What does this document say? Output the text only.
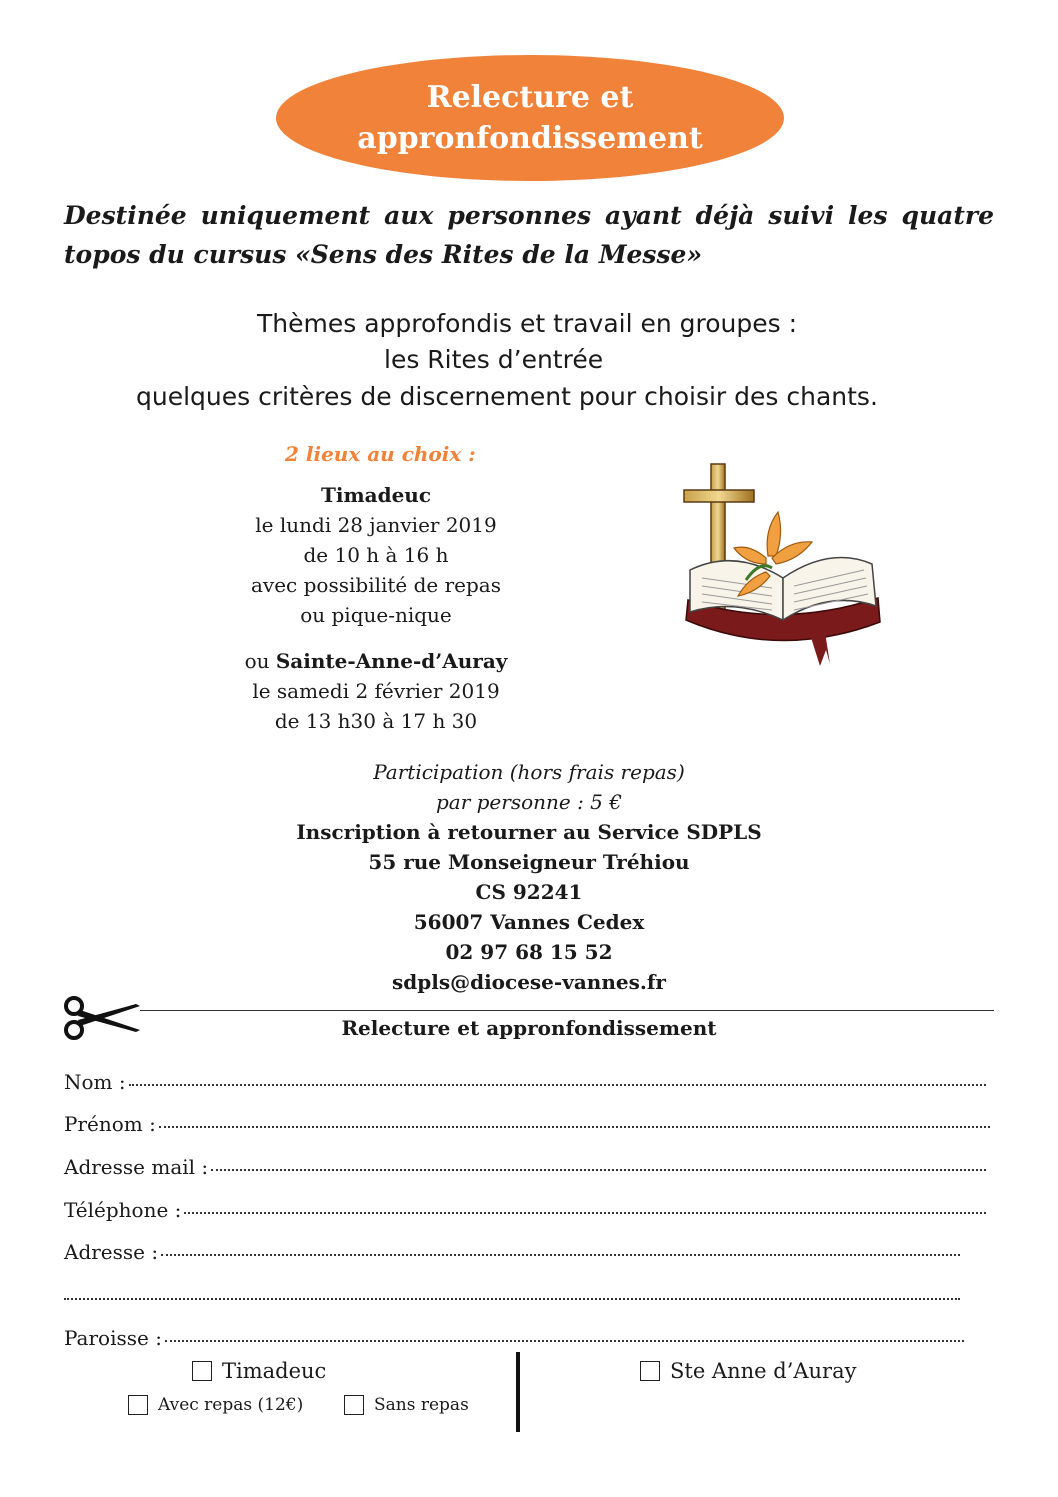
Relecture et
appronfondissement
Destinée uniquement aux personnes ayant déjà suivi les quatre topos du cursus «Sens des Rites de la Messe»
Thèmes approfondis et travail en groupes :
les Rites d’entrée
quelques critères de discernement pour choisir des chants.
2 lieux au choix :
Timadeuc
le lundi 28 janvier 2019
de 10 h à 16 h
avec possibilité de repas
ou pique-nique
ou Sainte-Anne-d’Auray
le samedi 2 février 2019
de 13 h30 à 17 h 30
Participation (hors frais repas)
par personne : 5 €
Inscription à retourner au Service SDPLS
55 rue Monseigneur Tréhiou
CS 92241
56007 Vannes Cedex
02 97 68 15 52
sdpls@diocese-vannes.fr
Relecture et appronfondissement
Nom :
Prénom :
Adresse mail :
Téléphone :
Adresse :
Paroisse :
Timadeuc
Avec repas (12€)	Sans repas
Ste Anne d’Auray
